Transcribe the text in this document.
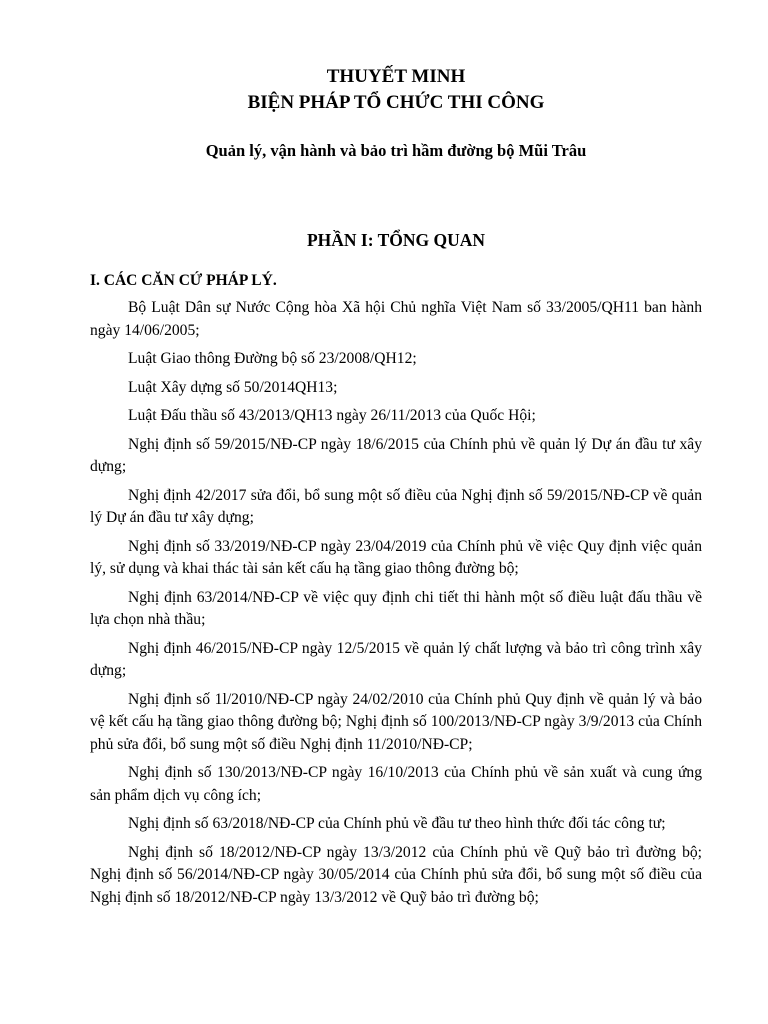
THUYẾT MINH

BIỆN PHÁP TỔ CHỨC THI CÔNG

Quản lý, vận hành và bảo trì hầm đường bộ Mũi Trâu

PHẦN I: TỔNG QUAN

I. CÁC CĂN CỨ PHÁP LÝ.

Bộ Luật Dân sự Nước Cộng hòa Xã hội Chủ nghĩa Việt Nam số 33/2005/QH11 ban hành ngày 14/06/2005;

Luật Giao thông Đường bộ số 23/2008/QH12;

Luật Xây dựng số 50/2014QH13;

Luật Đấu thầu số 43/2013/QH13 ngày 26/11/2013 của Quốc Hội;

Nghị định số 59/2015/NĐ-CP ngày 18/6/2015 của Chính phủ về quản lý Dự án đầu tư xây dựng;

Nghị định 42/2017 sửa đổi, bổ sung một số điều của Nghị định số 59/2015/NĐ-CP về quản lý Dự án đầu tư xây dựng;

Nghị định số 33/2019/NĐ-CP ngày 23/04/2019 của Chính phủ về việc Quy định việc quản lý, sử dụng và khai thác tài sản kết cấu hạ tầng giao thông đường bộ;

Nghị định 63/2014/NĐ-CP về việc quy định chi tiết thi hành một số điều luật đấu thầu về lựa chọn nhà thầu;

Nghị định 46/2015/NĐ-CP ngày 12/5/2015 về quản lý chất lượng và bảo trì công trình xây dựng;

Nghị định số 1l/2010/NĐ-CP ngày 24/02/2010 của Chính phủ Quy định về quản lý và bảo vệ kết cấu hạ tầng giao thông đường bộ; Nghị định số 100/2013/NĐ-CP ngày 3/9/2013 của Chính phủ sửa đổi, bổ sung một số điều Nghị định 11/2010/NĐ-CP;

Nghị định số 130/2013/NĐ-CP ngày 16/10/2013 của Chính phủ về sản xuất và cung ứng sản phẩm dịch vụ công ích;

Nghị định số 63/2018/NĐ-CP của Chính phủ về đầu tư theo hình thức đối tác công tư;

Nghị định số 18/2012/NĐ-CP ngày 13/3/2012 của Chính phủ về Quỹ bảo trì đường bộ; Nghị định số 56/2014/NĐ-CP ngày 30/05/2014 của Chính phủ sửa đổi, bổ sung một số điều của Nghị định số 18/2012/NĐ-CP ngày 13/3/2012 về Quỹ bảo trì đường bộ;
